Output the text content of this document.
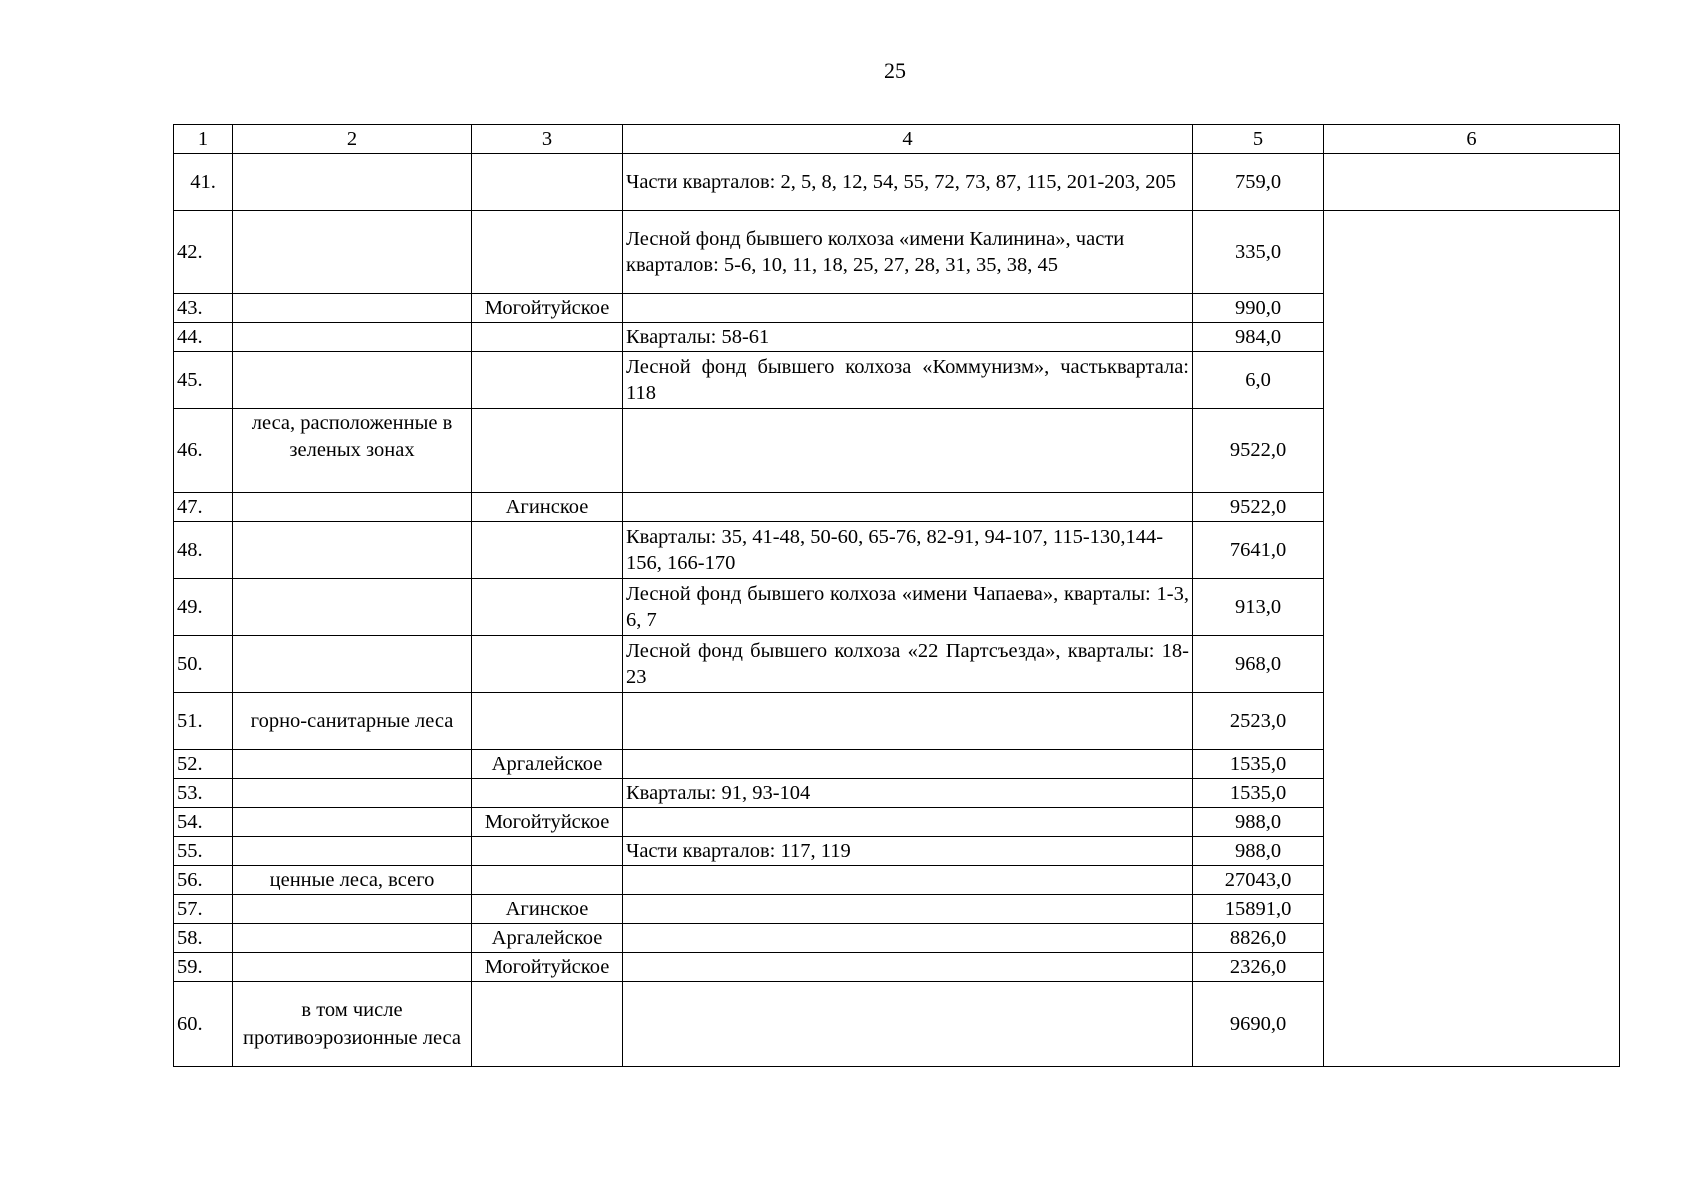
25
1	2	3	4	5	6
41.			Части кварталов: 2, 5, 8, 12, 54, 55, 72, 73, 87, 115, 201-203, 205	759,0	
42.			Лесной фонд бывшего колхоза «имени Калинина», части кварталов: 5-6, 10, 11, 18, 25, 27, 28, 31, 35, 38, 45	335,0	
43.		Могойтуйское		990,0	
44.			Кварталы: 58-61	984,0	
45.			Лесной фонд бывшего колхоза «Коммунизм», частьквартала: 118	6,0	
46.	леса, расположенные в зеленых зонах			9522,0	
47.		Агинское		9522,0	
48.			Кварталы: 35, 41-48, 50-60, 65-76, 82-91, 94-107, 115-130,144-156, 166-170	7641,0	
49.			Лесной фонд бывшего колхоза «имени Чапаева», кварталы: 1-3, 6, 7	913,0	
50.			Лесной фонд бывшего колхоза «22 Партсъезда», кварталы: 18-23	968,0	
51.	горно-санитарные леса			2523,0	
52.		Аргалейское		1535,0	
53.			Кварталы: 91, 93-104	1535,0	
54.		Могойтуйское		988,0	
55.			Части кварталов: 117, 119	988,0	
56.	ценные леса, всего			27043,0	
57.		Агинское		15891,0	
58.		Аргалейское		8826,0	
59.		Могойтуйское		2326,0	
60.	в том числе противоэрозионные леса			9690,0	
